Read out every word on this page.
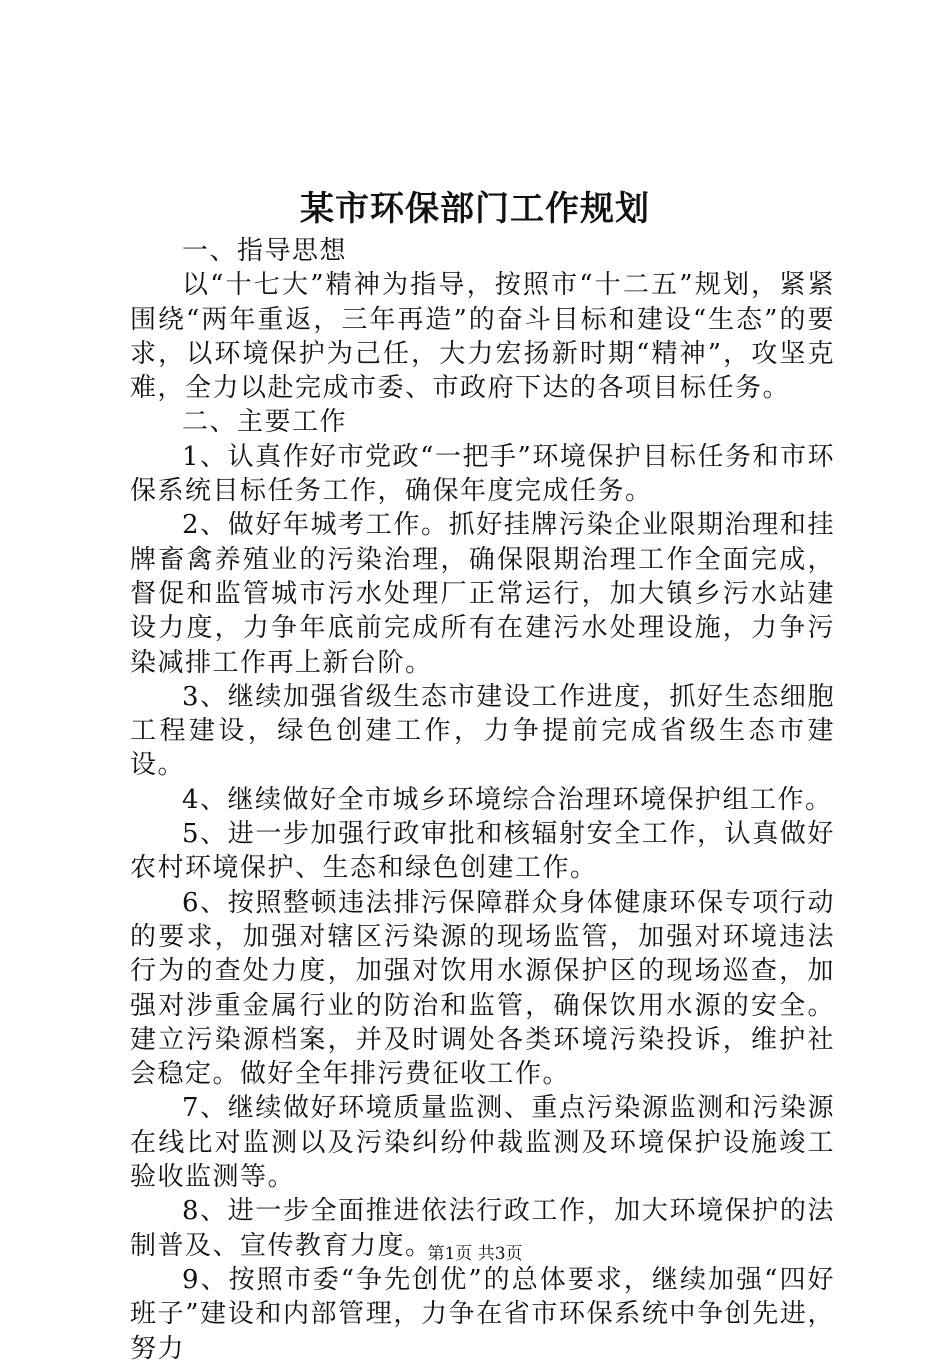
某市环保部门工作规划

一、指导思想

以“十七大”精神为指导，按照市“十二五”规划，紧紧围绕“两年重返，三年再造”的奋斗目标和建设“生态”的要求，以环境保护为己任，大力宏扬新时期“精神”，攻坚克难，全力以赴完成市委、市政府下达的各项目标任务。

二、主要工作

1、认真作好市党政“一把手”环境保护目标任务和市环保系统目标任务工作，确保年度完成任务。

2、做好年城考工作。抓好挂牌污染企业限期治理和挂牌畜禽养殖业的污染治理，确保限期治理工作全面完成，督促和监管城市污水处理厂正常运行，加大镇乡污水站建设力度，力争年底前完成所有在建污水处理设施，力争污染减排工作再上新台阶。

3、继续加强省级生态市建设工作进度，抓好生态细胞工程建设，绿色创建工作，力争提前完成省级生态市建设。

4、继续做好全市城乡环境综合治理环境保护组工作。

5、进一步加强行政审批和核辐射安全工作，认真做好农村环境保护、生态和绿色创建工作。

6、按照整顿违法排污保障群众身体健康环保专项行动的要求，加强对辖区污染源的现场监管，加强对环境违法行为的查处力度，加强对饮用水源保护区的现场巡查，加强对涉重金属行业的防治和监管，确保饮用水源的安全。建立污染源档案，并及时调处各类环境污染投诉，维护社会稳定。做好全年排污费征收工作。

7、继续做好环境质量监测、重点污染源监测和污染源在线比对监测以及污染纠纷仲裁监测及环境保护设施竣工验收监测等。

8、进一步全面推进依法行政工作，加大环境保护的法制普及、宣传教育力度。

9、按照市委“争先创优”的总体要求，继续加强“四好班子”建设和内部管理，力争在省市环保系统中争创先进，努力

第1页 共3页
